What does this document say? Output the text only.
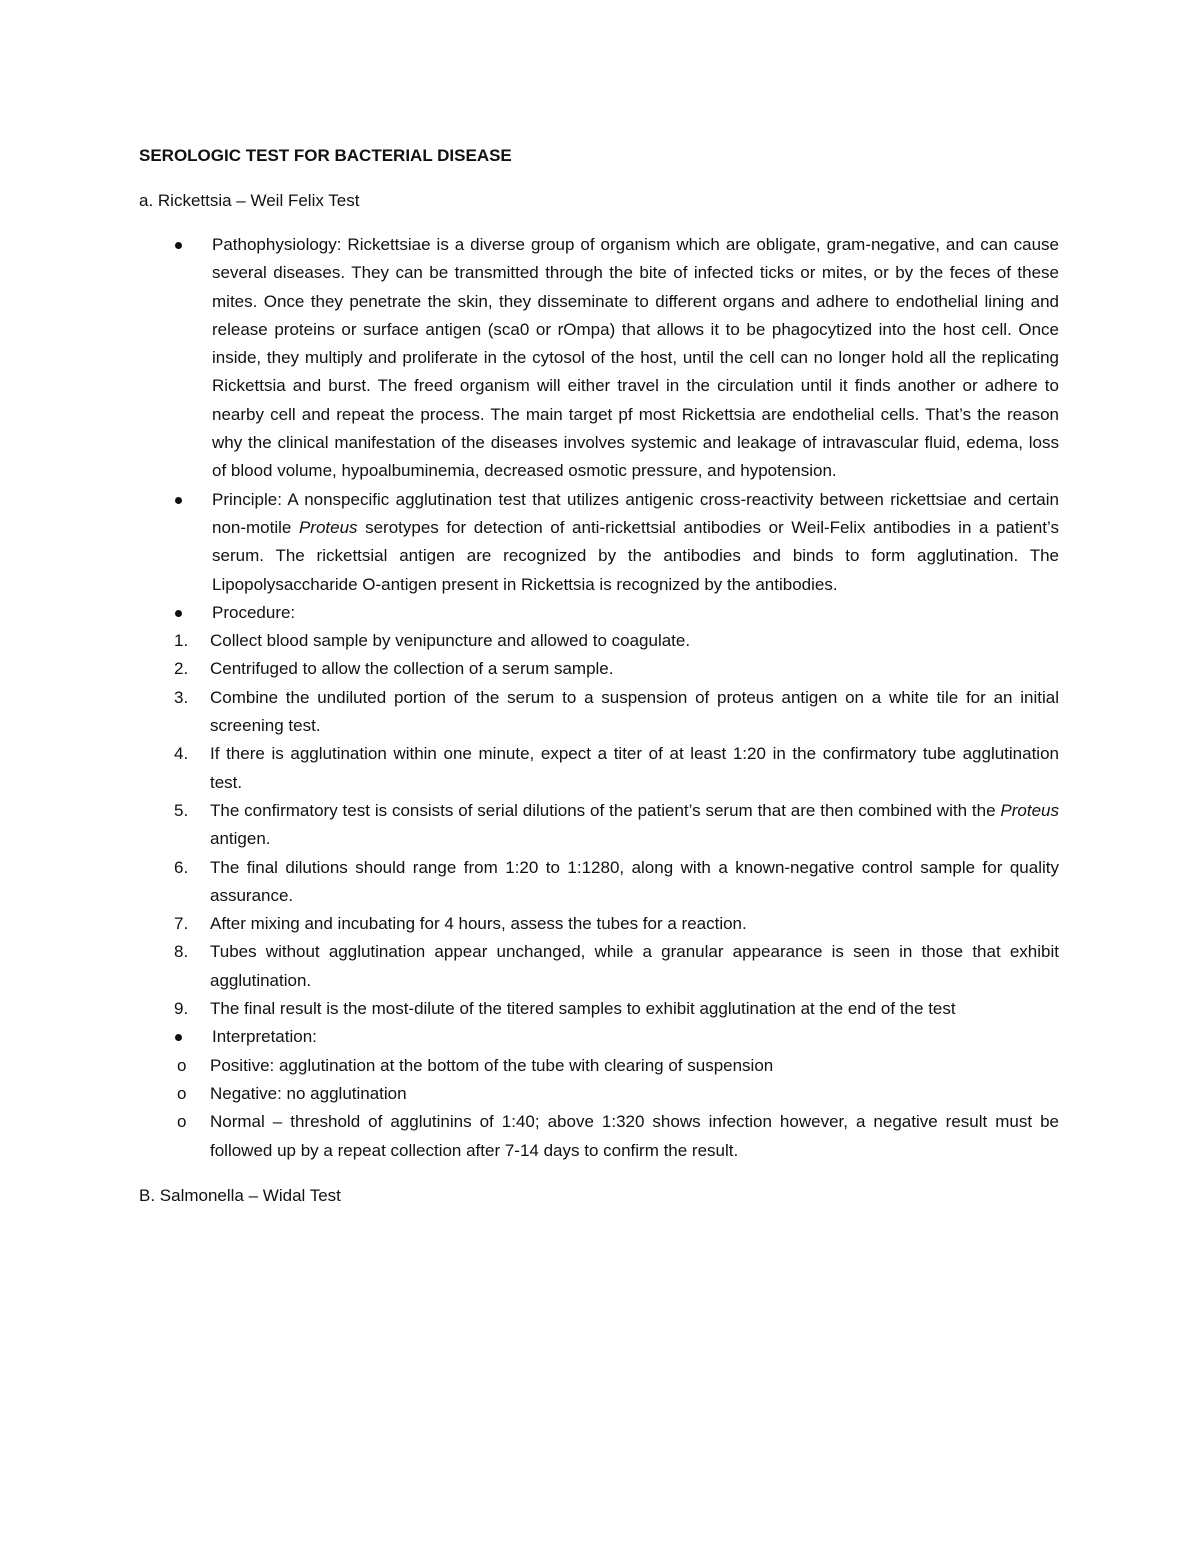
SEROLOGIC TEST FOR BACTERIAL DISEASE
a. Rickettsia – Weil Felix Test
Pathophysiology: Rickettsiae is a diverse group of organism which are obligate, gram-negative, and can cause several diseases. They can be transmitted through the bite of infected ticks or mites, or by the feces of these mites. Once they penetrate the skin, they disseminate to different organs and adhere to endothelial lining and release proteins or surface antigen (sca0 or rOmpa) that allows it to be phagocytized into the host cell. Once inside, they multiply and proliferate in the cytosol of the host, until the cell can no longer hold all the replicating Rickettsia and burst. The freed organism will either travel in the circulation until it finds another or adhere to nearby cell and repeat the process. The main target pf most Rickettsia are endothelial cells. That’s the reason why the clinical manifestation of the diseases involves systemic and leakage of intravascular fluid, edema, loss of blood volume, hypoalbuminemia, decreased osmotic pressure, and hypotension.
Principle: A nonspecific agglutination test that utilizes antigenic cross-reactivity between rickettsiae and certain non-motile Proteus serotypes for detection of anti-rickettsial antibodies or Weil-Felix antibodies in a patient’s serum. The rickettsial antigen are recognized by the antibodies and binds to form agglutination. The Lipopolysaccharide O-antigen present in Rickettsia is recognized by the antibodies.
Procedure:
1. Collect blood sample by venipuncture and allowed to coagulate.
2. Centrifuged to allow the collection of a serum sample.
3. Combine the undiluted portion of the serum to a suspension of proteus antigen on a white tile for an initial screening test.
4. If there is agglutination within one minute, expect a titer of at least 1:20 in the confirmatory tube agglutination test.
5. The confirmatory test is consists of serial dilutions of the patient’s serum that are then combined with the Proteus antigen.
6. The final dilutions should range from 1:20 to 1:1280, along with a known-negative control sample for quality assurance.
7. After mixing and incubating for 4 hours, assess the tubes for a reaction.
8. Tubes without agglutination appear unchanged, while a granular appearance is seen in those that exhibit agglutination.
9. The final result is the most-dilute of the titered samples to exhibit agglutination at the end of the test
Interpretation:
o Positive: agglutination at the bottom of the tube with clearing of suspension
o Negative: no agglutination
o Normal – threshold of agglutinins of 1:40; above 1:320 shows infection however, a negative result must be followed up by a repeat collection after 7-14 days to confirm the result.
B. Salmonella – Widal Test
